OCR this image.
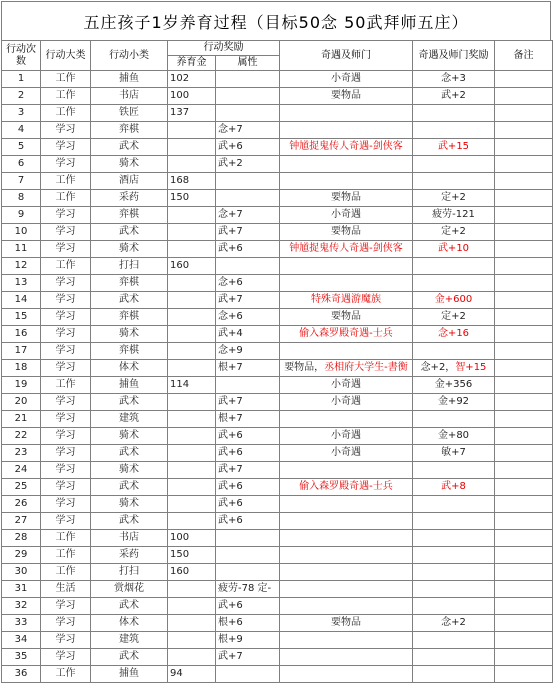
五庄孩子1岁养育过程（目标50念 50武拜师五庄）
行动次数	行动大类	行动小类	行动奖励		奇遇及师门	奇遇及师门奖励	备注
			养育金	属性			
1	工作	捕鱼	102		小奇遇	念+3	
2	工作	书店	100		要物品	武+2	
3	工作	铁匠	137				
4	学习	弈棋		念+7			
5	学习	武术		武+6	钟馗捉鬼传人奇遇-剑侠客	武+15	
6	学习	骑术		武+2			
7	工作	酒店	168				
8	工作	采药	150		要物品	定+2	
9	学习	弈棋		念+7	小奇遇	疲劳-121	
10	学习	武术		武+7	要物品	定+2	
11	学习	骑术		武+6	钟馗捉鬼传人奇遇-剑侠客	武+10	
12	工作	打扫	160				
13	学习	弈棋		念+6			
14	学习	武术		武+7	特殊奇遇游魔族	金+600	
15	学习	弈棋		念+6	要物品	定+2	
16	学习	骑术		武+4	偷入森罗殿奇遇-士兵	念+16	
17	学习	弈棋		念+9			
18	学习	体术		根+7	要物品，丞相府大学生-書衡	念+2，智+15	
19	工作	捕鱼	114		小奇遇	金+356	
20	学习	武术		武+7	小奇遇	金+92	
21	学习	建筑		根+7			
22	学习	骑术		武+6	小奇遇	金+80	
23	学习	武术		武+6	小奇遇	敏+7	
24	学习	骑术		武+7			
25	学习	武术		武+6	偷入森罗殿奇遇-士兵	武+8	
26	学习	骑术		武+6			
27	学习	武术		武+6			
28	工作	书店	100				
29	工作	采药	150				
30	工作	打扫	160				
31	生活	赏烟花		疲劳-78 定-			
32	学习	武术		武+6			
33	学习	体术		根+6	要物品	念+2	
34	学习	建筑		根+9			
35	学习	武术		武+7			
36	工作	捕鱼	94				
